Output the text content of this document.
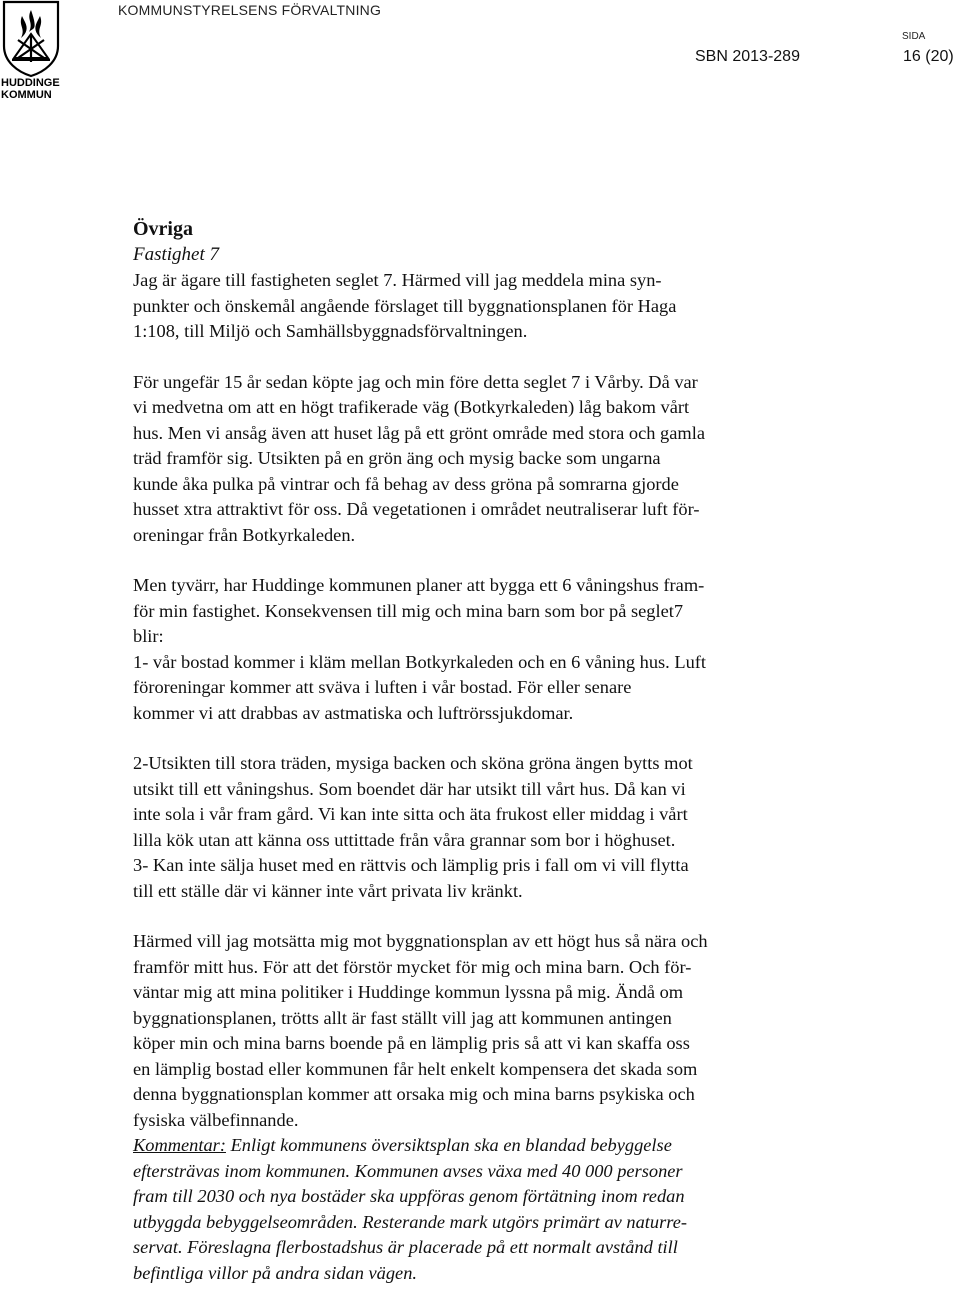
HUDDINGE
KOMMUN
KOMMUNSTYRELSENS FÖRVALTNING
SIDA
SBN 2013-289	16 (20)
Övriga
Fastighet 7
Jag är ägare till fastigheten seglet 7. Härmed vill jag meddela mina syn-
punkter och önskemål angående förslaget till byggnationsplanen för Haga
1:108, till Miljö och Samhällsbyggnadsförvaltningen.
För ungefär 15 år sedan köpte jag och min före detta seglet 7 i Vårby. Då var
vi medvetna om att en högt trafikerade väg (Botkyrkaleden) låg bakom vårt
hus. Men vi ansåg även att huset låg på ett grönt område med stora och gamla
träd framför sig. Utsikten på en grön äng och mysig backe som ungarna
kunde åka pulka på vintrar och få behag av dess gröna på somrarna gjorde
husset xtra attraktivt för oss. Då vegetationen i området neutraliserar luft för-
oreningar från Botkyrkaleden.
Men tyvärr, har Huddinge kommunen planer att bygga ett 6 våningshus fram-
för min fastighet. Konsekvensen till mig och mina barn som bor på seglet7
blir:
1- vår bostad kommer i kläm mellan Botkyrkaleden och en 6 våning hus. Luft
föroreningar kommer att sväva i luften i vår bostad. För eller senare
kommer vi att drabbas av astmatiska och luftrörssjukdomar.
2-Utsikten till stora träden, mysiga backen och sköna gröna ängen bytts mot
utsikt till ett våningshus. Som boendet där har utsikt till vårt hus. Då kan vi
inte sola i vår fram gård. Vi kan inte sitta och äta frukost eller middag i vårt
lilla kök utan att känna oss uttittade från våra grannar som bor i höghuset.
3- Kan inte sälja huset med en rättvis och lämplig pris i fall om vi vill flytta
till ett ställe där vi känner inte vårt privata liv kränkt.
Härmed vill jag motsätta mig mot byggnationsplan av ett högt hus så nära och
framför mitt hus. För att det förstör mycket för mig och mina barn. Och för-
väntar mig att mina politiker i Huddinge kommun lyssna på mig. Ändå om
byggnationsplanen, trötts allt är fast ställt vill jag att kommunen antingen
köper min och mina barns boende på en lämplig pris så att vi kan skaffa oss
en lämplig bostad eller kommunen får helt enkelt kompensera det skada som
denna byggnationsplan kommer att orsaka mig och mina barns psykiska och
fysiska välbefinnande.
Kommentar: Enligt kommunens översiktsplan ska en blandad bebyggelse
eftersträvas inom kommunen. Kommunen avses växa med 40 000 personer
fram till 2030 och nya bostäder ska uppföras genom förtätning inom redan
utbyggda bebyggelseområden. Resterande mark utgörs primärt av naturre-
servat. Föreslagna flerbostadshus är placerade på ett normalt avstånd till
befintliga villor på andra sidan vägen.
